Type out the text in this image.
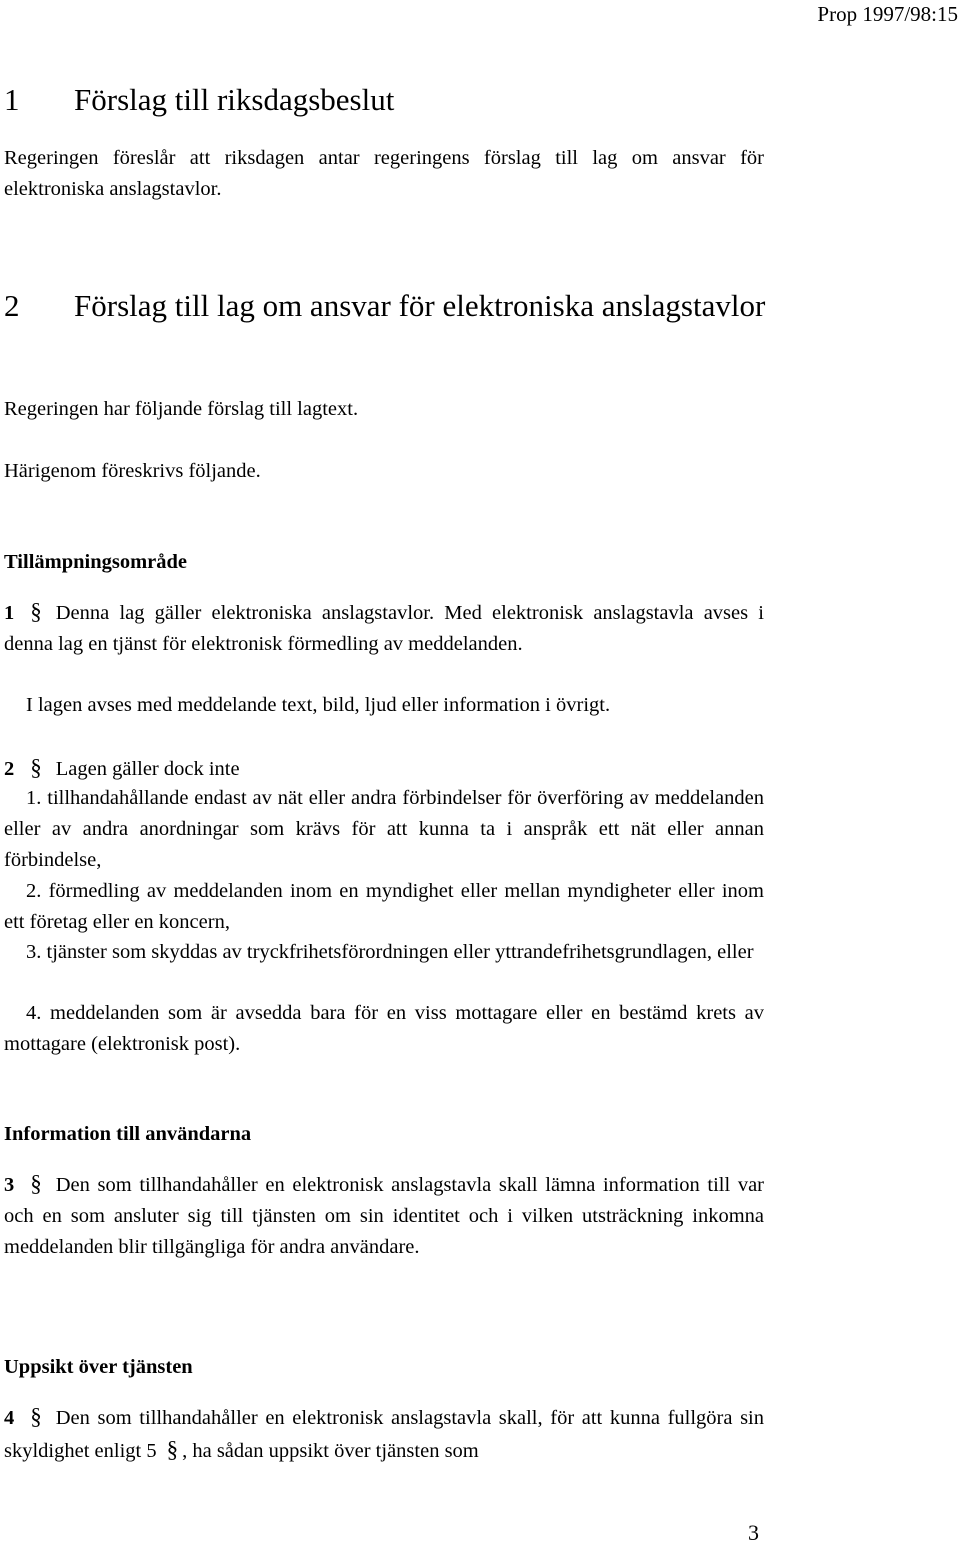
Prop 1997/98:15
1 Förslag till riksdagsbeslut
Regeringen föreslår att riksdagen antar regeringens förslag till lag om ansvar för elektroniska anslagstavlor.
2 Förslag till lag om ansvar för elektroniska anslagstavlor
Regeringen har följande förslag till lagtext.
Härigenom föreskrivs följande.
Tillämpningsområde
1 § Denna lag gäller elektroniska anslagstavlor. Med elektronisk anslagstavla avses i denna lag en tjänst för elektronisk förmedling av meddelanden.
I lagen avses med meddelande text, bild, ljud eller information i övrigt.
2 § Lagen gäller dock inte
1. tillhandahållande endast av nät eller andra förbindelser för överföring av meddelanden eller av andra anordningar som krävs för att kunna ta i anspråk ett nät eller annan förbindelse,
2. förmedling av meddelanden inom en myndighet eller mellan myndigheter eller inom ett företag eller en koncern,
3. tjänster som skyddas av tryckfrihetsförordningen eller yttrandefrihetsgrundlagen, eller
4. meddelanden som är avsedda bara för en viss mottagare eller en bestämd krets av mottagare (elektronisk post).
Information till användarna
3 § Den som tillhandahåller en elektronisk anslagstavla skall lämna information till var och en som ansluter sig till tjänsten om sin identitet och i vilken utsträckning inkomna meddelanden blir tillgängliga för andra användare.
Uppsikt över tjänsten
4 § Den som tillhandahåller en elektronisk anslagstavla skall, för att kunna fullgöra sin skyldighet enligt 5 § , ha sådan uppsikt över tjänsten som
3
